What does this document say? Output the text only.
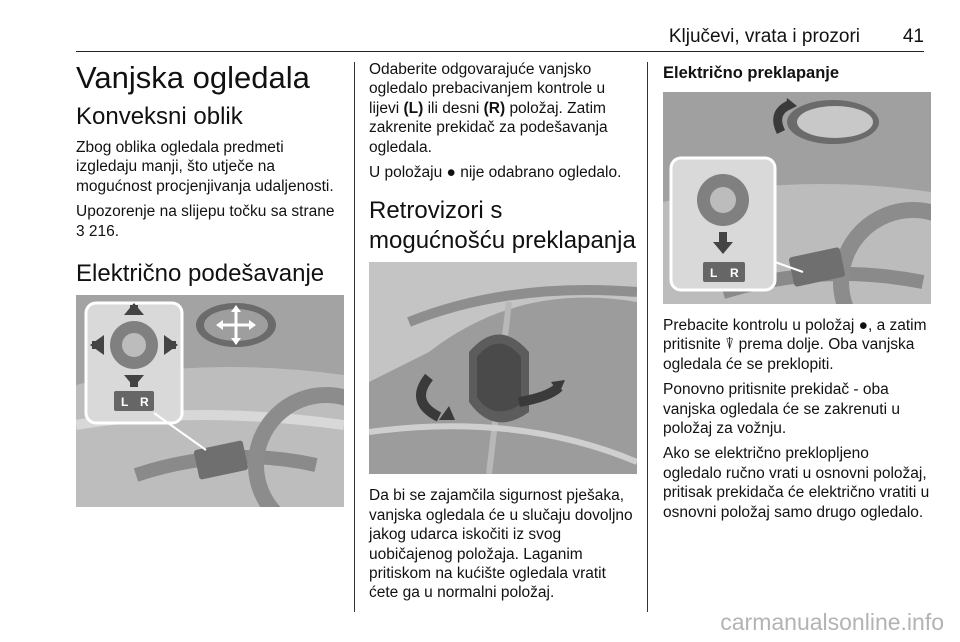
Ključevi, vrata i prozori 41
Vanjska ogledala
Konveksni oblik

Zbog oblika ogledala predmeti izgledaju manji, što utječe na mogućnost procjenjivanja udaljenosti.

Upozorenje na slijepu točku sa strane 3 216.

Električno podešavanje
L R

Odaberite odgovarajuće vanjsko ogledalo prebacivanjem kontrole u lijevi (L) ili desni (R) položaj. Zatim zakrenite prekidač za podešavanja ogledala.

U položaju ● nije odabrano ogledalo.

Retrovizori s mogućnošću preklapanja

Da bi se zajamčila sigurnost pješaka, vanjska ogledala će u slučaju dovoljno jakog udarca iskočiti iz svog uobičajenog položaja. Laganim pritiskom na kućište ogledala vratit ćete ga u normalni položaj.

Električno preklapanje
L R

Prebacite kontrolu u položaj ●, a zatim pritisnite ⍒ prema dolje. Oba vanjska ogledala će se preklopiti.

Ponovno pritisnite prekidač - oba vanjska ogledala će se zakrenuti u položaj za vožnju.

Ako se električno preklopljeno ogledalo ručno vrati u osnovni položaj, pritisak prekidača će električno vratiti u osnovni položaj samo drugo ogledalo.

carmanualsonline.info
